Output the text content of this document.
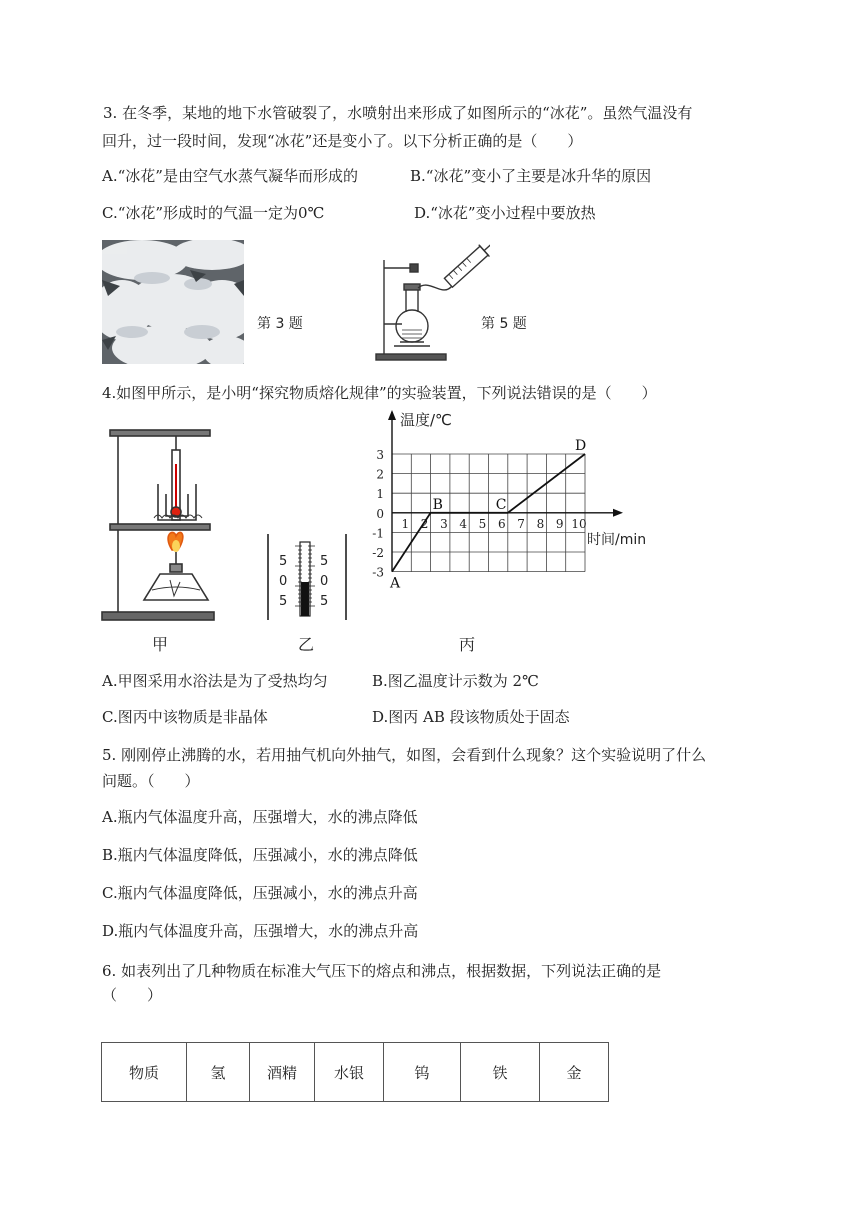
3. 在冬季，某地的地下水管破裂了，水喷射出来形成了如图所示的“冰花”。虽然气温没有
回升，过一段时间，发现“冰花”还是变小了。以下分析正确的是（　　）
A.“冰花”是由空气水蒸气凝华而形成的	B.“冰花”变小了主要是冰升华的原因
C.“冰花”形成时的气温一定为0℃	D.“冰花”变小过程中要放热
第 3 题	第 5 题
4.如图甲所示，是小明“探究物质熔化规律”的实验装置，下列说法错误的是（　　）
甲
5
0
5
5
0
5
乙
温度/℃
时间/min
3
2
1
0
-1
-2
-3
1 2 3 4 5 6 7 8 9 10
A
B	C
D
丙
A.甲图采用水浴法是为了受热均匀	B.图乙温度计示数为 2℃
C.图丙中该物质是非晶体	D.图丙 AB 段该物质处于固态
5. 刚刚停止沸腾的水，若用抽气机向外抽气，如图，会看到什么现象？这个实验说明了什么
问题。（　　）
A.瓶内气体温度升高，压强增大，水的沸点降低
B.瓶内气体温度降低，压强减小，水的沸点降低
C.瓶内气体温度降低，压强减小，水的沸点升高
D.瓶内气体温度升高，压强增大，水的沸点升高
6. 如表列出了几种物质在标准大气压下的熔点和沸点，根据数据，下列说法正确的是
（　　）
物质	氢	酒精	水银	钨	铁	金
